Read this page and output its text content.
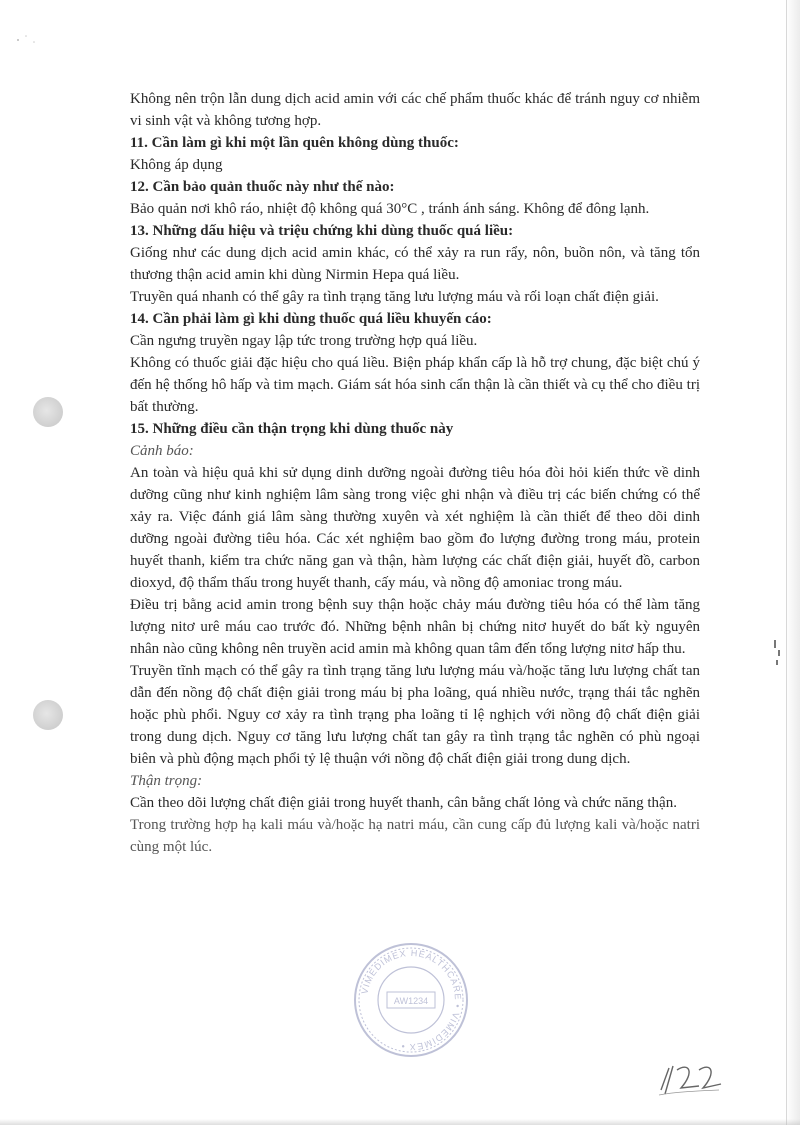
Không nên trộn lẫn dung dịch acid amin với các chế phẩm thuốc khác để tránh nguy cơ nhiễm vi sinh vật và không tương hợp.

11. Cần làm gì khi một lần quên không dùng thuốc:

Không áp dụng

12. Cần bảo quản thuốc này như thế nào:

Bảo quản nơi khô ráo, nhiệt độ không quá 30°C , tránh ánh sáng. Không để đông lạnh.

13. Những dấu hiệu và triệu chứng khi dùng thuốc quá liều:

Giống như các dung dịch acid amin khác, có thể xảy ra run rẩy, nôn, buồn nôn, và tăng tổn thương thận acid amin khi dùng Nirmin Hepa quá liều.

Truyền quá nhanh có thể gây ra tình trạng tăng lưu lượng máu và rối loạn chất điện giải.

14. Cần phải làm gì khi dùng thuốc quá liều khuyến cáo:

Cần ngưng truyền ngay lập tức trong trường hợp quá liều.

Không có thuốc giải đặc hiệu cho quá liều. Biện pháp khẩn cấp là hỗ trợ chung, đặc biệt chú ý đến hệ thống hô hấp và tim mạch. Giám sát hóa sinh cẩn thận là cần thiết và cụ thể cho điều trị bất thường.

15. Những điều cần thận trọng khi dùng thuốc này

Cảnh báo:

An toàn và hiệu quả khi sử dụng dinh dưỡng ngoài đường tiêu hóa đòi hỏi kiến thức về dinh dưỡng cũng như kinh nghiệm lâm sàng trong việc ghi nhận và điều trị các biến chứng có thể xảy ra. Việc đánh giá lâm sàng thường xuyên và xét nghiệm là cần thiết để theo dõi dinh dưỡng ngoài đường tiêu hóa. Các xét nghiệm bao gồm đo lượng đường trong máu, protein huyết thanh, kiểm tra chức năng gan và thận, hàm lượng các chất điện giải, huyết đồ, carbon dioxyd, độ thẩm thấu trong huyết thanh, cấy máu, và nồng độ amoniac trong máu.

Điều trị bằng acid amin trong bệnh suy thận hoặc chảy máu đường tiêu hóa có thể làm tăng lượng nitơ urê máu cao trước đó. Những bệnh nhân bị chứng nitơ huyết do bất kỳ nguyên nhân nào cũng không nên truyền acid amin mà không quan tâm đến tổng lượng nitơ hấp thu.

Truyền tĩnh mạch có thể gây ra tình trạng tăng lưu lượng máu và/hoặc tăng lưu lượng chất tan dẫn đến nồng độ chất điện giải trong máu bị pha loãng, quá nhiều nước, trạng thái tắc nghẽn hoặc phù phổi. Nguy cơ xảy ra tình trạng pha loãng tỉ lệ nghịch với nồng độ chất điện giải trong dung dịch. Nguy cơ tăng lưu lượng chất tan gây ra tình trạng tắc nghẽn có phù ngoại biên và phù động mạch phổi tỷ lệ thuận với nồng độ chất điện giải trong dung dịch.

Thận trọng:

Cần theo dõi lượng chất điện giải trong huyết thanh, cân bằng chất lỏng và chức năng thận.

Trong trường hợp hạ kali máu và/hoặc hạ natri máu, cần cung cấp đủ lượng kali và/hoặc natri cùng một lúc.

VIMEDIMEX HEALTHCARE • VIMEDIMEX •
AW1234
